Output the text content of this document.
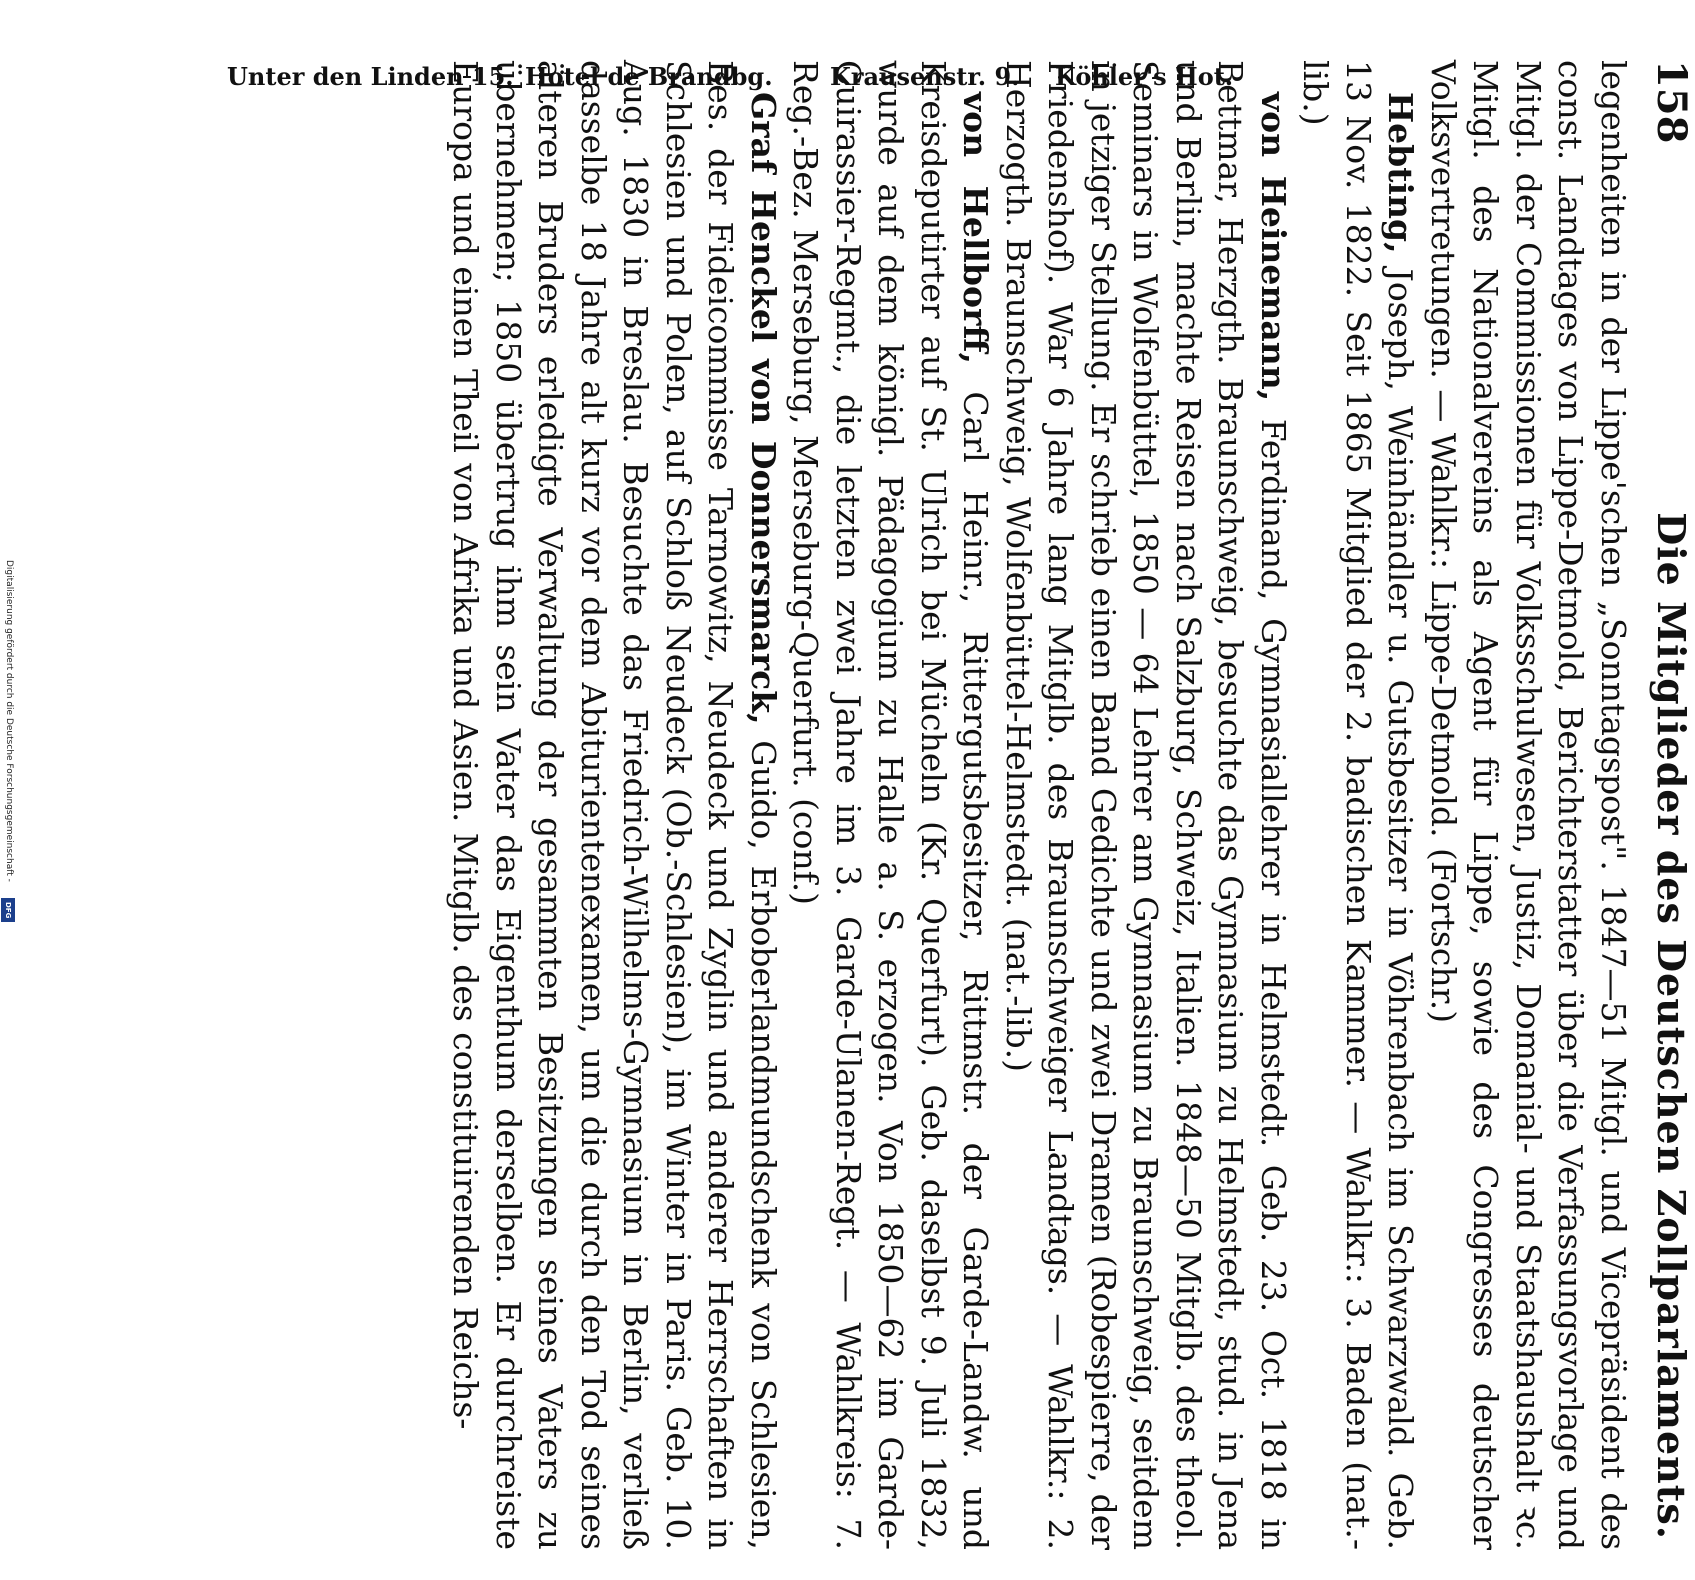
Unter den Linden 15. Hotel de Brandbg. Krausenstr. 9. Köhler's Hot.	158
Die Mitglieder des Deutschen Zollparlaments.

legenheiten in der Lippe'schen „Sonntagspost". 1847—51 Mitgl. und Vicepräsident des const. Landtages von Lippe-Detmold, Berichterstatter über die Verfassungsvorlage und Mitgl. der Commissionen für Volksschulwesen, Justiz, Domanial- und Staatshaushalt ꝛc. Mitgl. des Nationalvereins als Agent für Lippe, sowie des Congresses deutscher Volksvertretungen. — Wahlkr.: Lippe-Detmold. (Fortschr.)

Hebting, Joseph, Weinhändler u. Gutsbesitzer in Vöhrenbach im Schwarzwald. Geb. 13 Nov. 1822. Seit 1865 Mitglied der 2. badischen Kammer. — Wahlkr.: 3. Baden (nat.-lib.)

von Heinemann, Ferdinand, Gymnasiallehrer in Helmstedt. Geb. 23. Oct. 1818 in Bettmar, Herzgth. Braunschweig, besuchte das Gymnasium zu Helmstedt, stud. in Jena und Berlin, machte Reisen nach Salzburg, Schweiz, Italien. 1848—50 Mitglb. des theol. Seminars in Wolfenbüttel, 1850 — 64 Lehrer am Gymnasium zu Braunschweig, seitdem in jetziger Stellung. Er schrieb einen Band Gedichte und zwei Dramen (Robespierre, der Friedenshof). War 6 Jahre lang Mitglb. des Braunschweiger Landtags. — Wahlkr.: 2. Herzogth. Braunschweig, Wolfenbüttel-Helmstedt. (nat.-lib.)

von Hellborff, Carl Heinr., Rittergutsbesitzer, Rittmstr. der Garde-Landw. und Kreisdeputirter auf St. Ulrich bei Mücheln (Kr. Querfurt). Geb. daselbst 9. Juli 1832, wurde auf dem königl. Pädagogium zu Halle a. S. erzogen. Von 1850—62 im Garde-Cuirassier-Regmt., die letzten zwei Jahre im 3. Garde-Ulanen-Regt. — Wahlkreis: 7. Reg.-Bez. Merseburg, Merseburg-Querfurt. (conf.)

Graf Henckel von Donnersmarck, Guido, Erboberlandmundschenk von Schlesien, Bes. der Fideicommisse Tarnowitz, Neudeck und Zyglin und anderer Herrschaften in Schlesien und Polen, auf Schloß Neudeck (Ob.-Schlesien), im Winter in Paris. Geb. 10. Aug. 1830 in Breslau. Besuchte das Friedrich-Wilhelms-Gymnasium in Berlin, verließ dasselbe 18 Jahre alt kurz vor dem Abiturientenexamen, um die durch den Tod seines älteren Bruders erledigte Verwaltung der gesammten Besitzungen seines Vaters zu übernehmen; 1850 übertrug ihm sein Vater das Eigenthum derselben. Er durchreiste Europa und einen Theil von Afrika und Asien. Mitglb. des constituirenden Reichs-

Digitalisierung gefördert durch die Deutsche Forschungsgemeinschaft -
DFG
